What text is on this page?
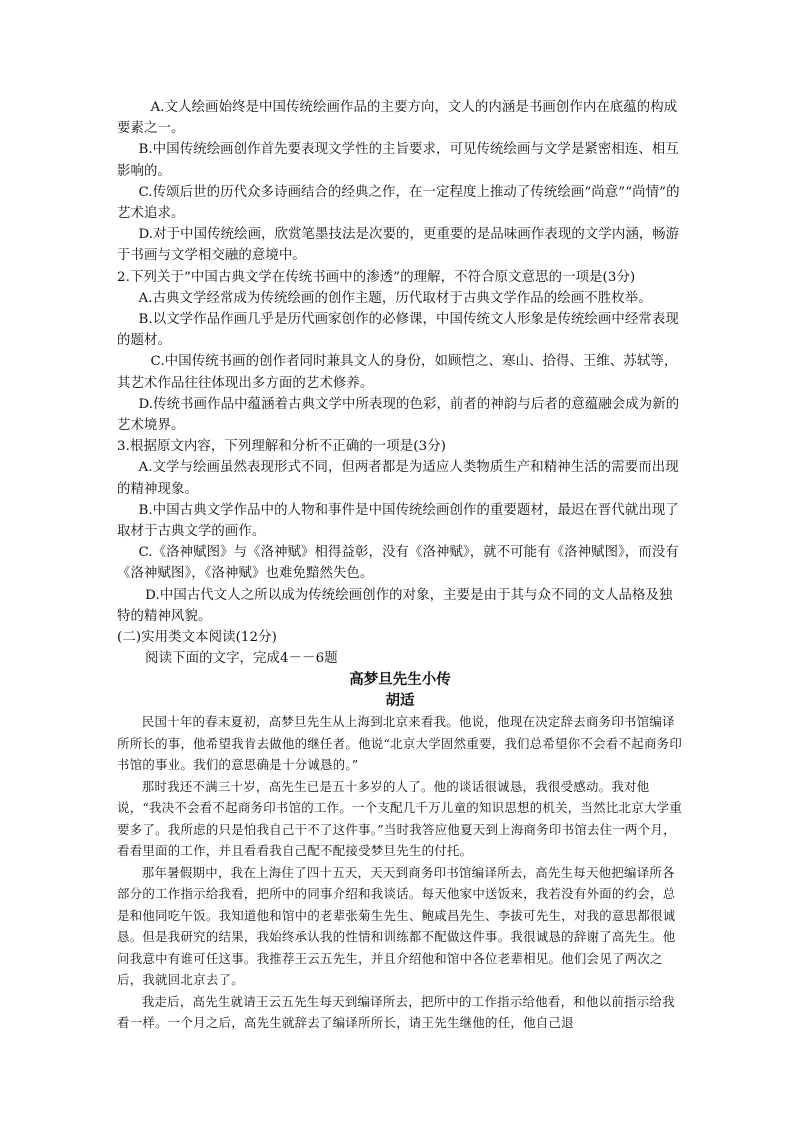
A.文人绘画始终是中国传统绘画作品的主要方向，文人的内涵是书画创作内在底蕴的构成要素之一。

B.中国传统绘画创作首先要表现文学性的主旨要求，可见传统绘画与文学是紧密相连、相互影响的。

C.传颂后世的历代众多诗画结合的经典之作，在一定程度上推动了传统绘画“尚意”“尚情”的艺术追求。

D.对于中国传统绘画，欣赏笔墨技法是次要的，更重要的是品味画作表现的文学内涵，畅游于书画与文学相交融的意境中。

2.下列关于“中国古典文学在传统书画中的渗透”的理解，不符合原文意思的一项是(3分)

A.古典文学经常成为传统绘画的创作主题，历代取材于古典文学作品的绘画不胜枚举。

B.以文学作品作画几乎是历代画家创作的必修课，中国传统文人形象是传统绘画中经常表现的题材。

C.中国传统书画的创作者同时兼具文人的身份，如顾恺之、寒山、拾得、王维、苏轼等，其艺术作品往往体现出多方面的艺术修养。

D.传统书画作品中蕴涵着古典文学中所表现的色彩，前者的神韵与后者的意蕴融会成为新的艺术境界。

3.根据原文内容，下列理解和分析不正确的一项是(3分)

A.文学与绘画虽然表现形式不同，但两者都是为适应人类物质生产和精神生活的需要而出现的精神现象。

B.中国古典文学作品中的人物和事件是中国传统绘画创作的重要题材，最迟在晋代就出现了取材于古典文学的画作。

C.《洛神赋图》与《洛神赋》相得益彰，没有《洛神赋》，就不可能有《洛神赋图》，而没有《洛神赋图》，《洛神赋》也难免黯然失色。

D.中国古代文人之所以成为传统绘画创作的对象，主要是由于其与众不同的文人品格及独特的精神风貌。

(二)实用类文本阅读(12分)

阅读下面的文字，完成4－－6题

高梦旦先生小传

胡适

民国十年的春末夏初，高梦旦先生从上海到北京来看我。他说，他现在决定辞去商务印书馆编译所所长的事，他希望我肯去做他的继任者。他说“北京大学固然重要，我们总希望你不会看不起商务印书馆的事业。我们的意思确是十分诚恳的。”

那时我还不满三十岁，高先生已是五十多岁的人了。他的谈话很诚恳，我很受感动。我对他说，“我决不会看不起商务印书馆的工作。一个支配几千万儿童的知识思想的机关，当然比北京大学重要多了。我所虑的只是怕我自己干不了这件事。”当时我答应他夏天到上海商务印书馆去住一两个月，看看里面的工作，并且看看我自己配不配接受梦旦先生的付托。

那年暑假期中，我在上海住了四十五天，天天到商务印书馆编译所去，高先生每天他把编译所各部分的工作指示给我看，把所中的同事介绍和我谈话。每天他家中送饭来，我若没有外面的约会，总是和他同吃午饭。我知道他和馆中的老辈张菊生先生、鲍咸昌先生、李拔可先生，对我的意思都很诚恳。但是我研究的结果，我始终承认我的性情和训练都不配做这件事。我很诚恳的辞谢了高先生。他问我意中有谁可任这事。我推荐王云五先生，并且介绍他和馆中各位老辈相见。他们会见了两次之后，我就回北京去了。

我走后，高先生就请王云五先生每天到编译所去，把所中的工作指示给他看，和他以前指示给我看一样。一个月之后，高先生就辞去了编译所所长，请王先生继他的任，他自己退
